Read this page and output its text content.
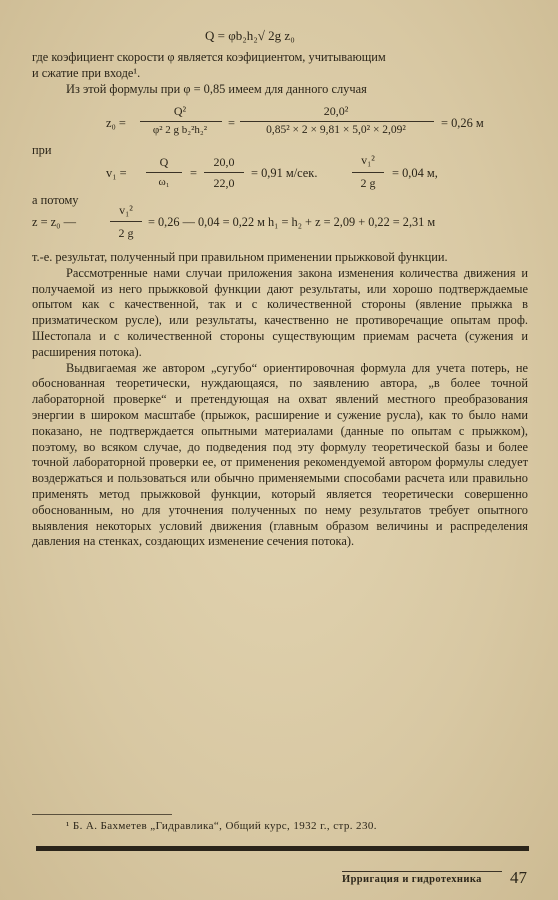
Q = φb₂h₂√ 2g z₀

где коэфициент скорости φ является коэфициентом, учитывающим

и сжатие при входе¹.

Из этой формулы при φ = 0,85 имеем для данного случая

z₀ =
Q²
φ² 2 g b₂²h₂²	=
20,0²
0,85² × 2 × 9,81 × 5,0² × 2,09²	= 0,26 м
при
v₁ =
Q
ω₁
=
20,0
22,0
= 0,91 м/сек.
v₁²
2 g
= 0,04 м,
а потому
z = z₀ —
v₁²
2 g
= 0,26 — 0,04 = 0,22 м h₁ = h₂ + z = 2,09 + 0,22 = 2,31 м

т.-е. результат, полученный при правильном применении прыжковой функции.

Рассмотренные нами случаи приложения закона изменения количества движения и получаемой из него прыжковой функции дают результаты, или хорошо подтверждаемые опытом как с качественной, так и с количественной стороны (явление прыжка в призматическом русле), или результаты, качественно не противоречащие опытам проф. Шестопала и с количественной стороны существующим приемам расчета (сужения и расширения потока).

Выдвигаемая же автором „сугубо“ ориентировочная формула для учета потерь, не обоснованная теоретически, нуждающаяся, по заявлению автора, „в более точной лабораторной проверке“ и претендующая на охват явлений местного преобразования энергии в широком масштабе (прыжок, расширение и сужение русла), как то было нами показано, не подтверждается опытными материалами (данные по опытам с прыжком), поэтому, во всяком случае, до подведения под эту формулу теоретической базы и более точной лабораторной проверки ее, от применения рекомендуемой автором формулы следует воздержаться и пользоваться или обычно применяемыми способами расчета или правильно применять метод прыжковой функции, который является теоретически совершенно обоснованным, но для уточнения полученных по нему результатов требует опытного выявления некоторых условий движения (главным образом величины и распределения давления на стенках, создающих изменение сечения потока).

¹ Б. А. Бахметев „Гидравлика“, Общий курс, 1932 г., стр. 230.
Ирригация и гидротехника 47
